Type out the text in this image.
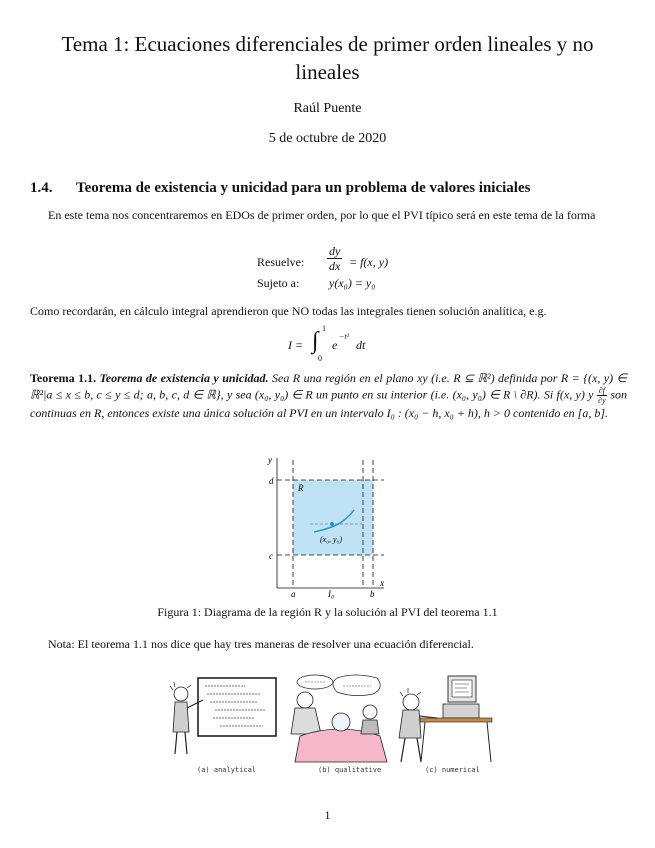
Tema 1: Ecuaciones diferenciales de primer orden lineales y no lineales
Raúl Puente
5 de octubre de 2020
1.4. Teorema de existencia y unicidad para un problema de valores iniciales
En este tema nos concentraremos en EDOs de primer orden, por lo que el PVI típico será en este tema de la forma
Resuelve: $\frac{dy}{dx} = f(x$, y)
Sujeto a: y(x₀) = y₀
Como recordarán, en cálculo integral aprendieron que NO todas las integrales tienen solución analítica, e.g.
I = ∫ 1
0
e
−t²
dt
Teorema 1.1. Teorema de existencia y unicidad. Sea R una región en el plano xy (i.e. R ⊆ ℝ²) definida por R = {(x, y) ∈ ℝ²|a ≤ x ≤ b, c ≤ y ≤ d; a, b, c, d ∈ ℝ}, y sea (x₀, y₀) ∈ R un punto en su interior (i.e. (x₀, y₀) ∈ R \ ∂R). Si f(x, y) y $\frac{\partial f}{\partial y}$ son continuas en R, entonces existe una única solución al PVI en un intervalo I₀ : (x₀ − h, x₀ + h), h > 0 contenido en [a, b].
y
x
d
c
a	b
I₀
R
(x₀, y₀)
Figura 1: Diagrama de la región R y la solución al PVI del teorema 1.1
Nota: El teorema 1.1 nos dice que hay tres maneras de resolver una ecuación diferencial.
(a) analytical	(b) qualitative	(c) numerical
1
